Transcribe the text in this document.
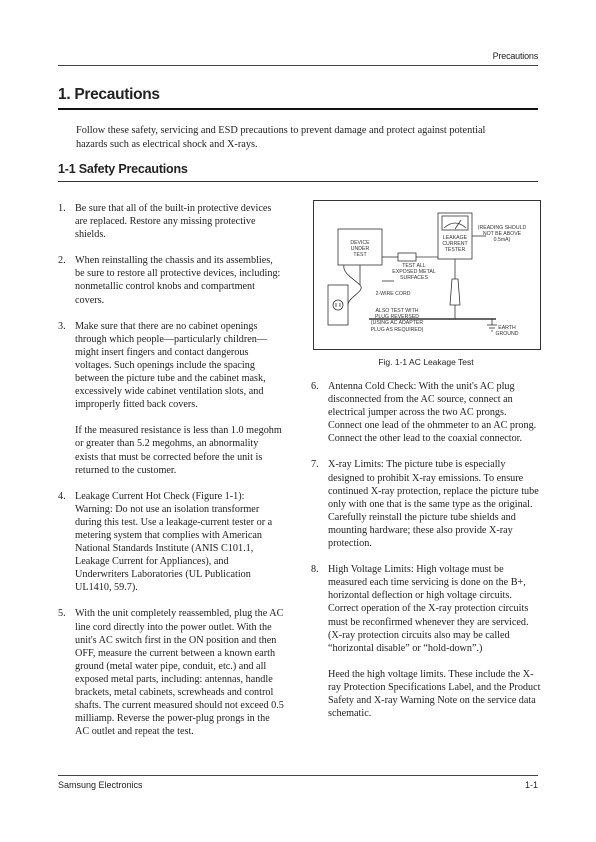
Precautions
1. Precautions
Follow these safety, servicing and ESD precautions to prevent damage and protect against potential hazards such as electrical shock and X-rays.
1-1 Safety Precautions
1. Be sure that all of the built-in protective devices are replaced. Restore any missing protective shields.

2. When reinstalling the chassis and its assemblies, be sure to restore all protective devices, including: nonmetallic control knobs and compartment covers.

3. Make sure that there are no cabinet openings through which people—particularly children—might insert fingers and contact dangerous voltages. Such openings include the spacing between the picture tube and the cabinet mask, excessively wide cabinet ventilation slots, and improperly fitted back covers.

If the measured resistance is less than 1.0 megohm or greater than 5.2 megohms, an abnormality exists that must be corrected before the unit is returned to the customer.

4. Leakage Current Hot Check (Figure 1-1): Warning: Do not use an isolation transformer during this test. Use a leakage-current tester or a metering system that complies with American National Standards Institute (ANIS C101.1, Leakage Current for Appliances), and Underwriters Laboratories (UL Publication UL1410, 59.7).

5. With the unit completely reassembled, plug the AC line cord directly into the power outlet. With the unit's AC switch first in the ON position and then OFF, measure the current between a known earth ground (metal water pipe, conduit, etc.) and all exposed metal parts, including: antennas, handle brackets, metal cabinets, screwheads and control shafts. The current measured should not exceed 0.5 milliamp. Reverse the power-plug prongs in the AC outlet and repeat the test.

DEVICE
UNDER
TEST
LEAKAGE
CURRENT
TESTER
(READING SHOULD
NOT BE ABOVE
0.5mA)
TEST ALL
EXPOSED METAL
SURFACES
2-WIRE CORD
ALSO TEST WITH
PLUG REVERSED
(USING AC ADAPTER
PLUG AS REQUIRED)	EARTH
GROUND
Fig. 1-1 AC Leakage Test
6. Antenna Cold Check: With the unit's AC plug disconnected from the AC source, connect an electrical jumper across the two AC prongs. Connect one lead of the ohmmeter to an AC prong. Connect the other lead to the coaxial connector.

7. X-ray Limits: The picture tube is especially designed to prohibit X-ray emissions. To ensure continued X-ray protection, replace the picture tube only with one that is the same type as the original. Carefully reinstall the picture tube shields and mounting hardware; these also provide X-ray protection.

8. High Voltage Limits: High voltage must be measured each time servicing is done on the B+, horizontal deflection or high voltage circuits. Correct operation of the X-ray protection circuits must be reconfirmed whenever they are serviced. (X-ray protection circuits also may be called “horizontal disable” or “hold-down”.)

Heed the high voltage limits. These include the X-ray Protection Specifications Label, and the Product Safety and X-ray Warning Note on the service data schematic.

Samsung Electronics	1-1
